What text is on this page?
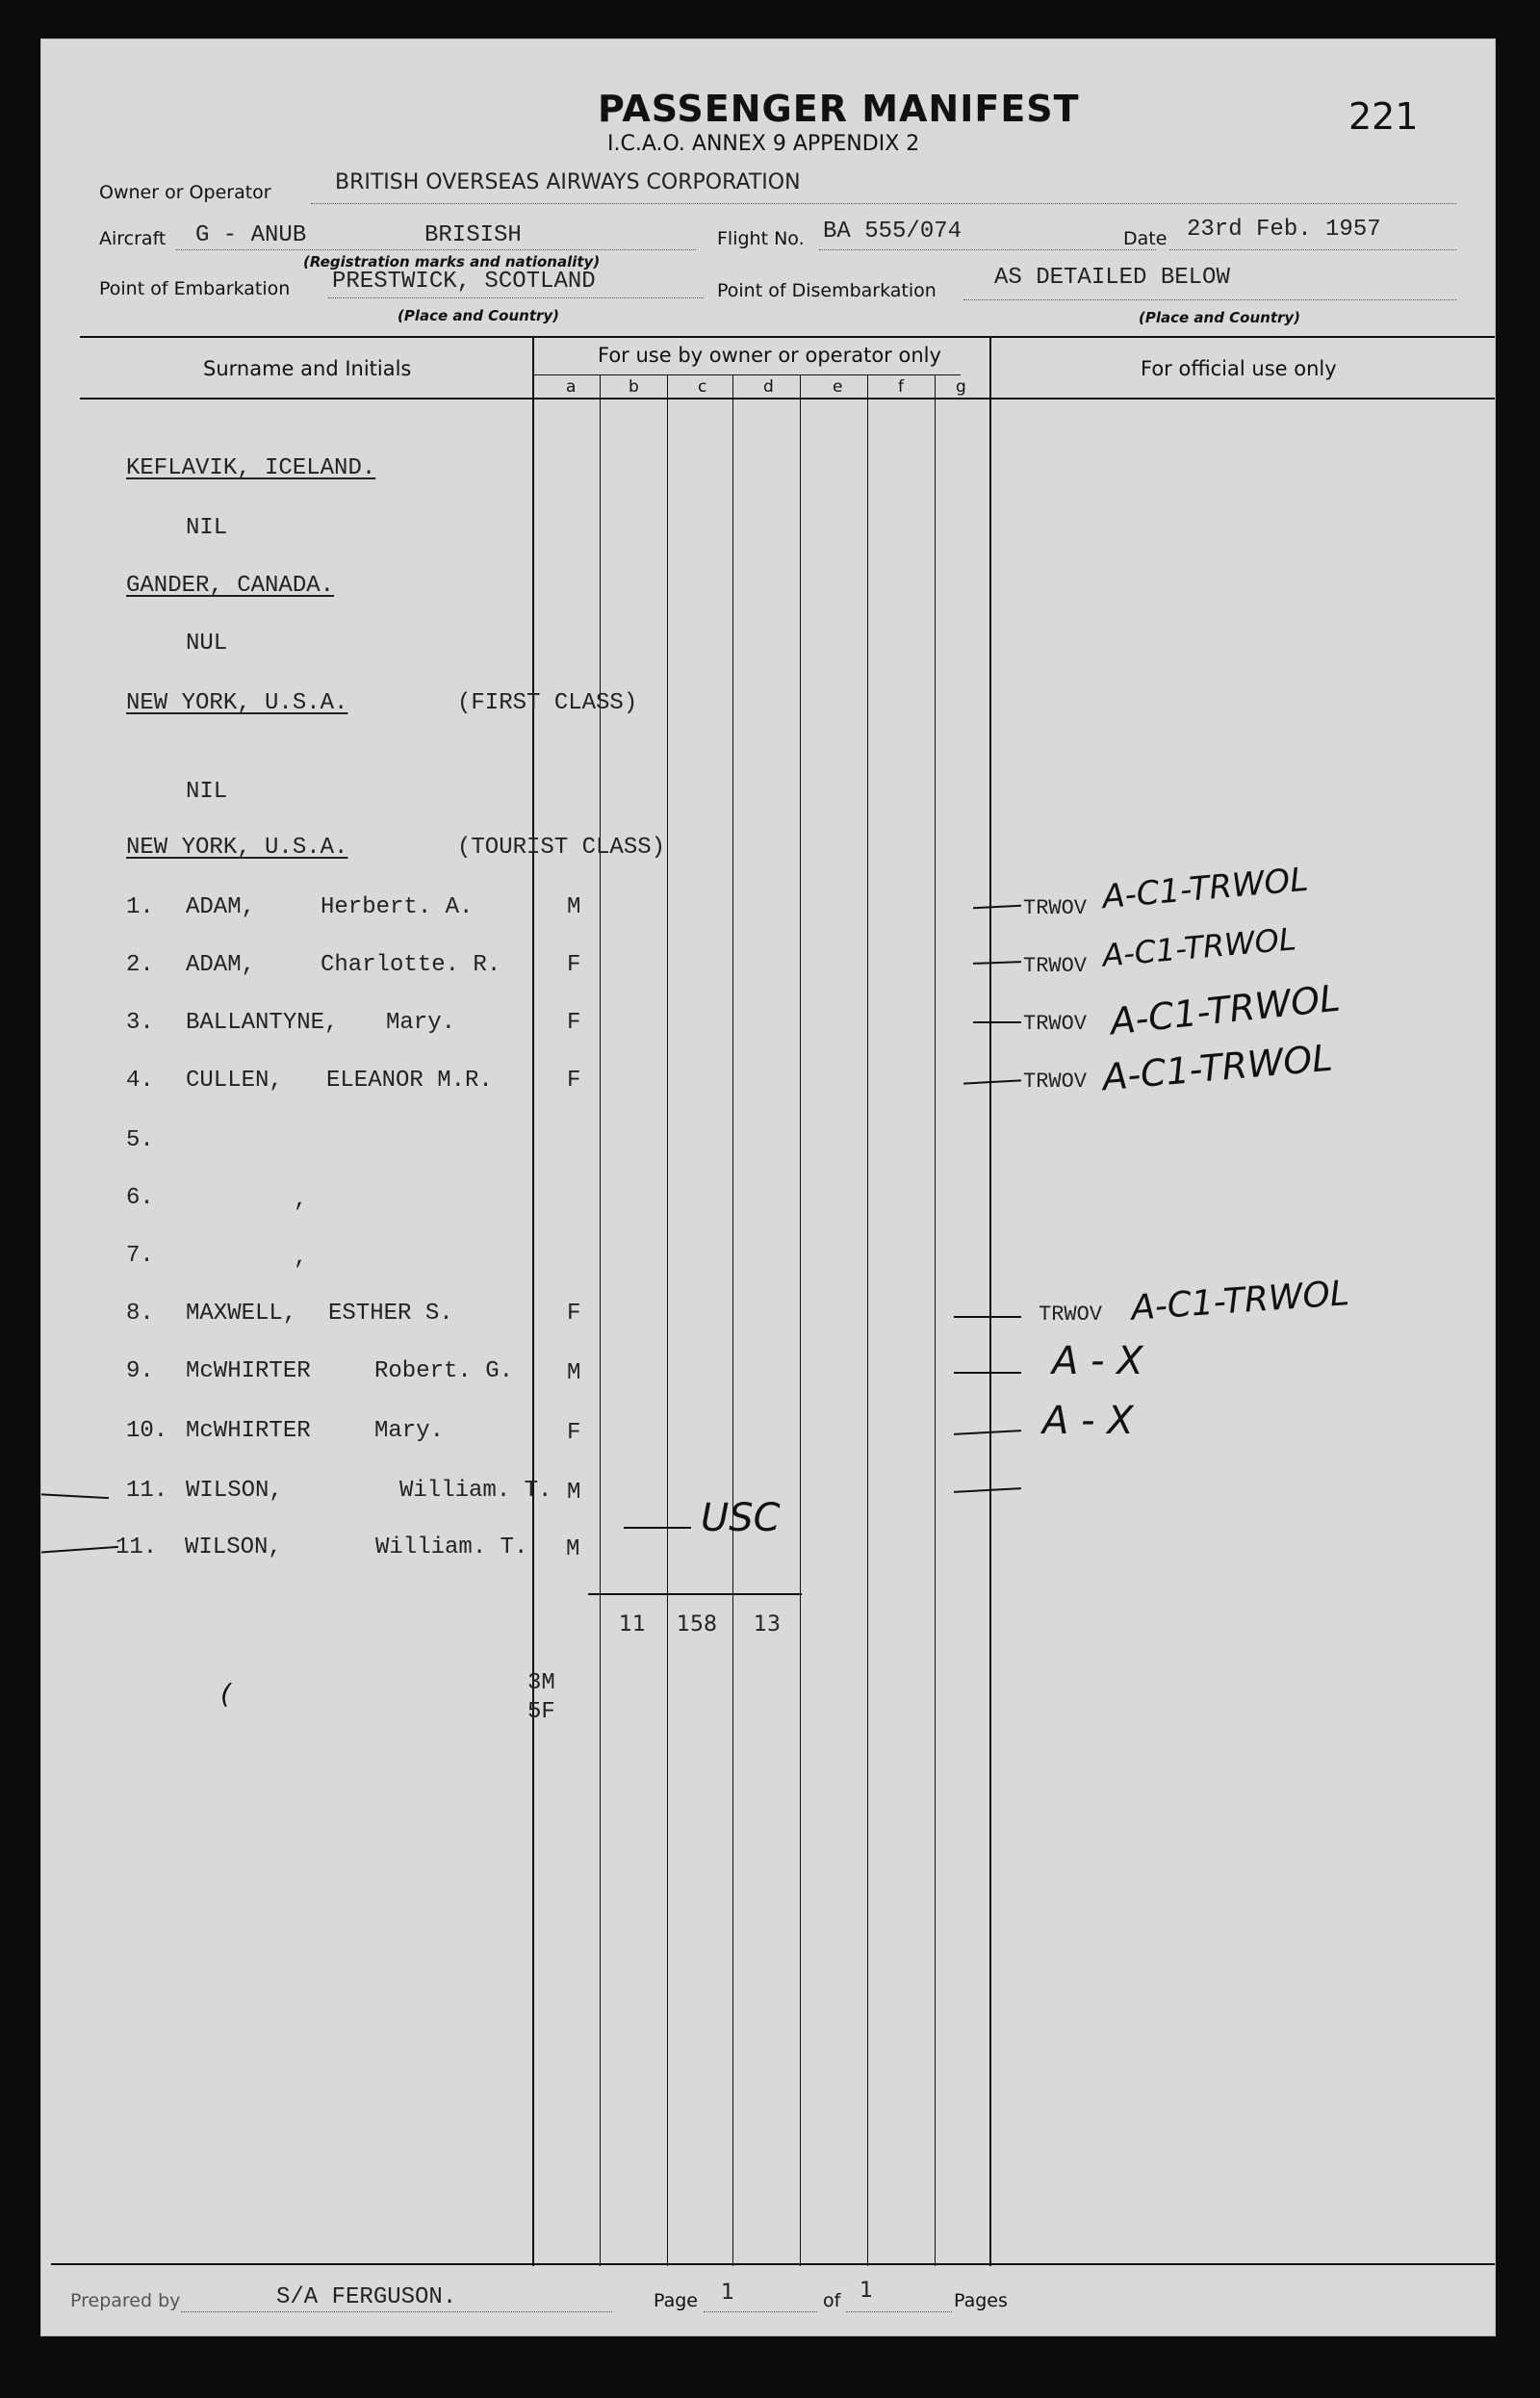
PASSENGER MANIFEST
I.C.A.O. ANNEX 9 APPENDIX 2
221
Owner or Operator	BRITISH OVERSEAS AIRWAYS CORPORATION
Aircraft G - ANUB	BRISISH
(Registration marks and nationality)
Flight No. BA 555/074	Date 23rd Feb. 1957
Point of Embarkation PRESTWICK, SCOTLAND
(Place and Country)
Point of Disembarkation	AS DETAILED BELOW
(Place and Country)
Surname and Initials
For use by owner or operator only
For official use only
a	b	c	d	e	f	g
KEFLAVIK, ICELAND.
NIL
GANDER, CANADA.
NUL
NEW YORK, U.S.A.	(FIRST CLASS)
NIL
NEW YORK, U.S.A.	(TOURIST CLASS)
1. ADAM,	Herbert. A.	M	TRWOV A-C1-TRWOL
2. ADAM,	Charlotte. R.	F	TRWOV A-C1-TRWOL
3. BALLANTYNE, Mary.	F	TRWOV A-C1-TRWOL
4. CULLEN, ELEANOR M.R.	F	TRWOV A-C1-TRWOL
5.
6.	,
7.	,
8. MAXWELL, ESTHER S.	F	TRWOV A-C1-TRWOL
9. McWHIRTER	Robert. G. M	A - X
10. McWHIRTER	Mary.	F	A - X
11. WILSON,	William. T. M
11 158 13
3M
5F
(
Prepared by	S/A FERGUSON.	Page 1	of 1	Pages
11. WILSON,	William. T. M
USC
